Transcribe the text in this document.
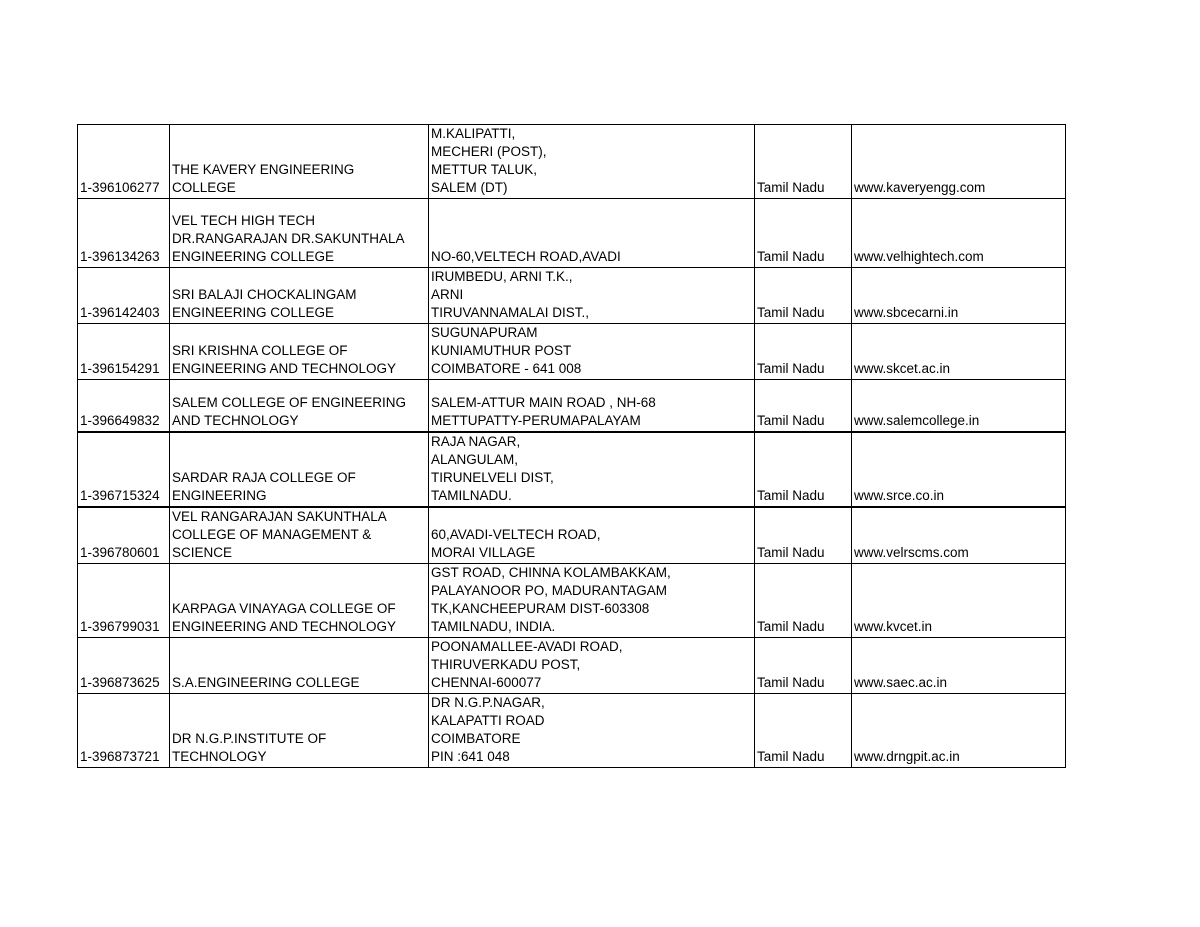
1-396106277	THE KAVERY ENGINEERING
COLLEGE	M.KALIPATTI,
MECHERI (POST),
METTUR TALUK,
SALEM (DT)	Tamil Nadu	www.kaveryengg.com

1-396134263	VEL TECH HIGH TECH
DR.RANGARAJAN DR.SAKUNTHALA
ENGINEERING COLLEGE	NO-60,VELTECH ROAD,AVADI	Tamil Nadu	www.velhightech.com

1-396142403	SRI BALAJI CHOCKALINGAM
ENGINEERING COLLEGE	IRUMBEDU, ARNI T.K.,
ARNI
TIRUVANNAMALAI DIST.,	Tamil Nadu	www.sbcecarni.in

1-396154291	SRI KRISHNA COLLEGE OF
ENGINEERING AND TECHNOLOGY	SUGUNAPURAM
KUNIAMUTHUR POST
COIMBATORE - 641 008	Tamil Nadu	www.skcet.ac.in

1-396649832	SALEM COLLEGE OF ENGINEERING
AND TECHNOLOGY	SALEM-ATTUR MAIN ROAD , NH-68
METTUPATTY-PERUMAPALAYAM	Tamil Nadu	www.salemcollege.in

1-396715324	SARDAR RAJA COLLEGE OF
ENGINEERING	RAJA NAGAR,
ALANGULAM,
TIRUNELVELI DIST,
TAMILNADU.	Tamil Nadu	www.srce.co.in

1-396780601	VEL RANGARAJAN SAKUNTHALA
COLLEGE OF MANAGEMENT &
SCIENCE	60,AVADI-VELTECH ROAD,
MORAI VILLAGE	Tamil Nadu	www.velrscms.com

1-396799031	KARPAGA VINAYAGA COLLEGE OF
ENGINEERING AND TECHNOLOGY	GST ROAD, CHINNA KOLAMBAKKAM,
PALAYANOOR PO, MADURANTAGAM
TK,KANCHEEPURAM DIST-603308
TAMILNADU, INDIA.	Tamil Nadu	www.kvcet.in

1-396873625	S.A.ENGINEERING COLLEGE	POONAMALLEE-AVADI ROAD,
THIRUVERKADU POST,
CHENNAI-600077	Tamil Nadu	www.saec.ac.in

1-396873721	DR N.G.P.INSTITUTE OF
TECHNOLOGY	DR N.G.P.NAGAR,
KALAPATTI ROAD
COIMBATORE
PIN :641 048	Tamil Nadu	www.drngpit.ac.in
